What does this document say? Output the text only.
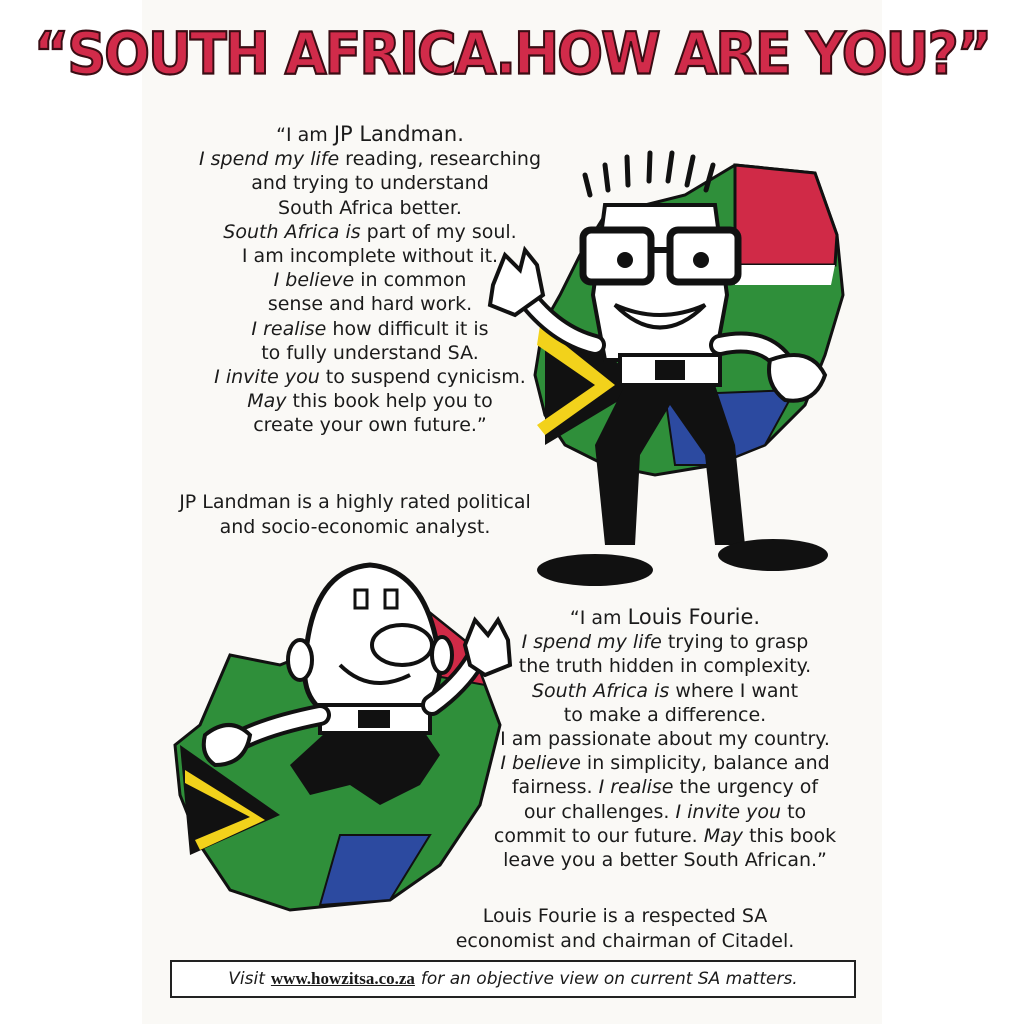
“SOUTH AFRICA.HOW ARE YOU?”
“I am JP Landman.
I spend my life reading, researching
and trying to understand
South Africa better.
South Africa is part of my soul.
I am incomplete without it.
I believe in common
sense and hard work.
I realise how difficult it is
to fully understand SA.
I invite you to suspend cynicism.
May this book help you to
create your own future.”
JP Landman is a highly rated political
and socio-economic analyst.
“I am Louis Fourie.
I spend my life trying to grasp
the truth hidden in complexity.
South Africa is where I want
to make a difference.
I am passionate about my country.
I believe in simplicity, balance and
fairness. I realise the urgency of
our challenges. I invite you to
commit to our future. May this book
leave you a better South African.”
Louis Fourie is a respected SA
economist and chairman of Citadel.
Visit www.howzitsa.co.za for an objective view on current SA matters.
